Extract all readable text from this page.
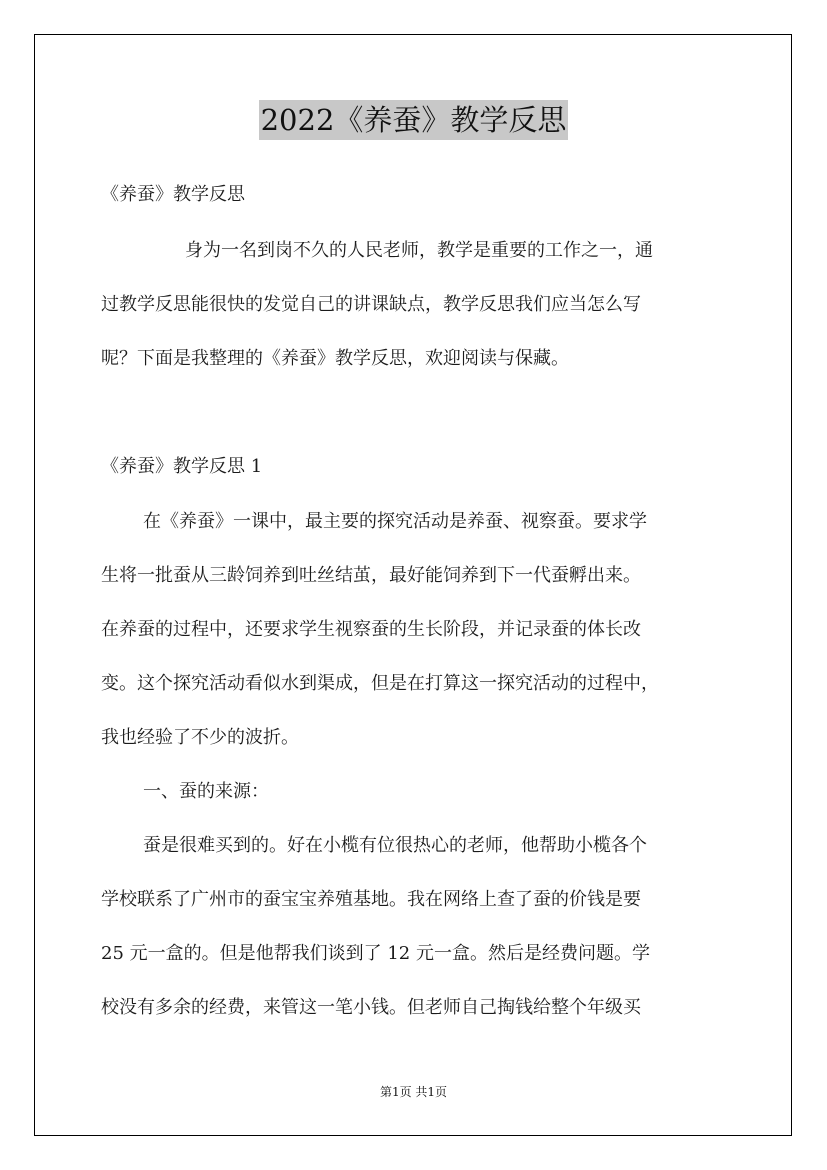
2022《养蚕》教学反思
《养蚕》教学反思
身为一名到岗不久的人民老师，教学是重要的工作之一，通
过教学反思能很快的发觉自己的讲课缺点，教学反思我们应当怎么写
呢？下面是我整理的《养蚕》教学反思，欢迎阅读与保藏。
《养蚕》教学反思 1
在《养蚕》一课中，最主要的探究活动是养蚕、视察蚕。要求学
生将一批蚕从三龄饲养到吐丝结茧，最好能饲养到下一代蚕孵出来。
在养蚕的过程中，还要求学生视察蚕的生长阶段，并记录蚕的体长改
变。这个探究活动看似水到渠成，但是在打算这一探究活动的过程中，
我也经验了不少的波折。
一、蚕的来源：
蚕是很难买到的。好在小榄有位很热心的老师，他帮助小榄各个
学校联系了广州市的蚕宝宝养殖基地。我在网络上查了蚕的价钱是要
25 元一盒的。但是他帮我们谈到了 12 元一盒。然后是经费问题。学
校没有多余的经费，来管这一笔小钱。但老师自己掏钱给整个年级买
第1页 共1页
